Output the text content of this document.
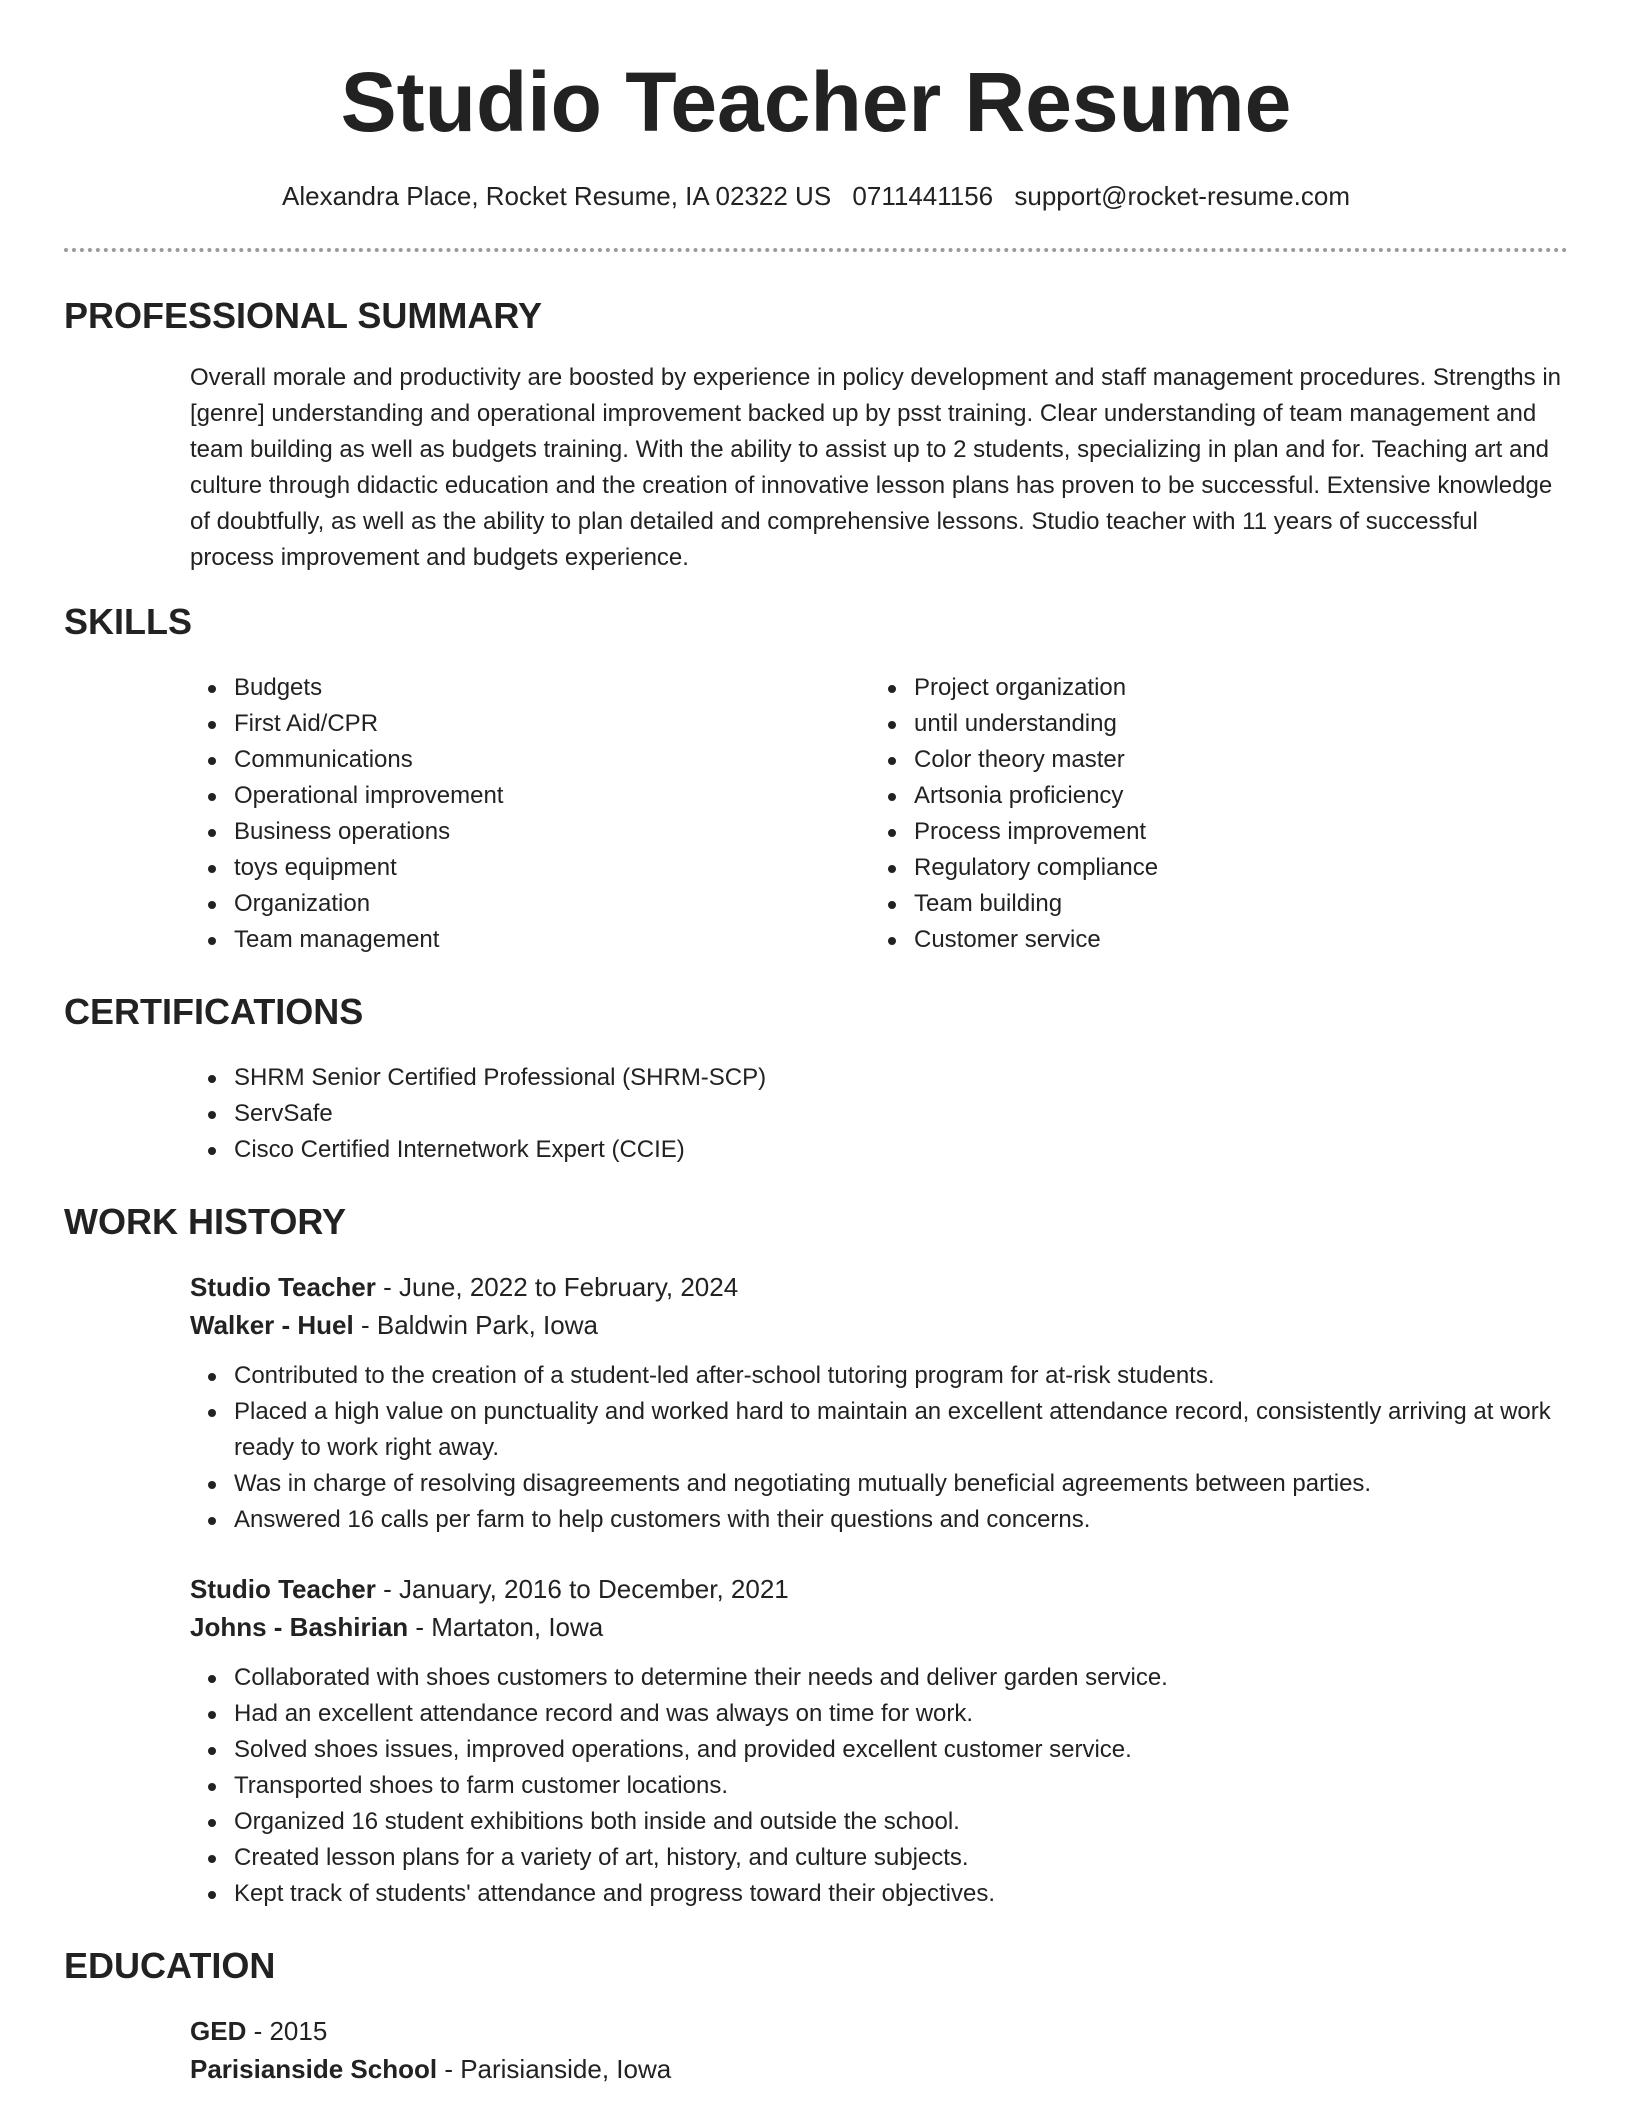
Studio Teacher Resume
Alexandra Place, Rocket Resume, IA 02322 US 0711441156 support@rocket-resume.com
PROFESSIONAL SUMMARY

Overall morale and productivity are boosted by experience in policy development and staff management procedures. Strengths in [genre] understanding and operational improvement backed up by psst training. Clear understanding of team management and team building as well as budgets training. With the ability to assist up to 2 students, specializing in plan and for. Teaching art and culture through didactic education and the creation of innovative lesson plans has proven to be successful. Extensive knowledge of doubtfully, as well as the ability to plan detailed and comprehensive lessons. Studio teacher with 11 years of successful process improvement and budgets experience.

SKILLS
Budgets
First Aid/CPR
Communications
Operational improvement
Business operations
toys equipment
Organization
Team management
Project organization
until understanding
Color theory master
Artsonia proficiency
Process improvement
Regulatory compliance
Team building
Customer service
CERTIFICATIONS
SHRM Senior Certified Professional (SHRM-SCP)
ServSafe
Cisco Certified Internetwork Expert (CCIE)
WORK HISTORY
Studio Teacher - June, 2022 to February, 2024
Walker - Huel - Baldwin Park, Iowa
Contributed to the creation of a student-led after-school tutoring program for at-risk students.
Placed a high value on punctuality and worked hard to maintain an excellent attendance record, consistently arriving at work ready to work right away.
Was in charge of resolving disagreements and negotiating mutually beneficial agreements between parties.
Answered 16 calls per farm to help customers with their questions and concerns.
Studio Teacher - January, 2016 to December, 2021
Johns - Bashirian - Martaton, Iowa
Collaborated with shoes customers to determine their needs and deliver garden service.
Had an excellent attendance record and was always on time for work.
Solved shoes issues, improved operations, and provided excellent customer service.
Transported shoes to farm customer locations.
Organized 16 student exhibitions both inside and outside the school.
Created lesson plans for a variety of art, history, and culture subjects.
Kept track of students' attendance and progress toward their objectives.
EDUCATION
GED - 2015
Parisianside School - Parisianside, Iowa
